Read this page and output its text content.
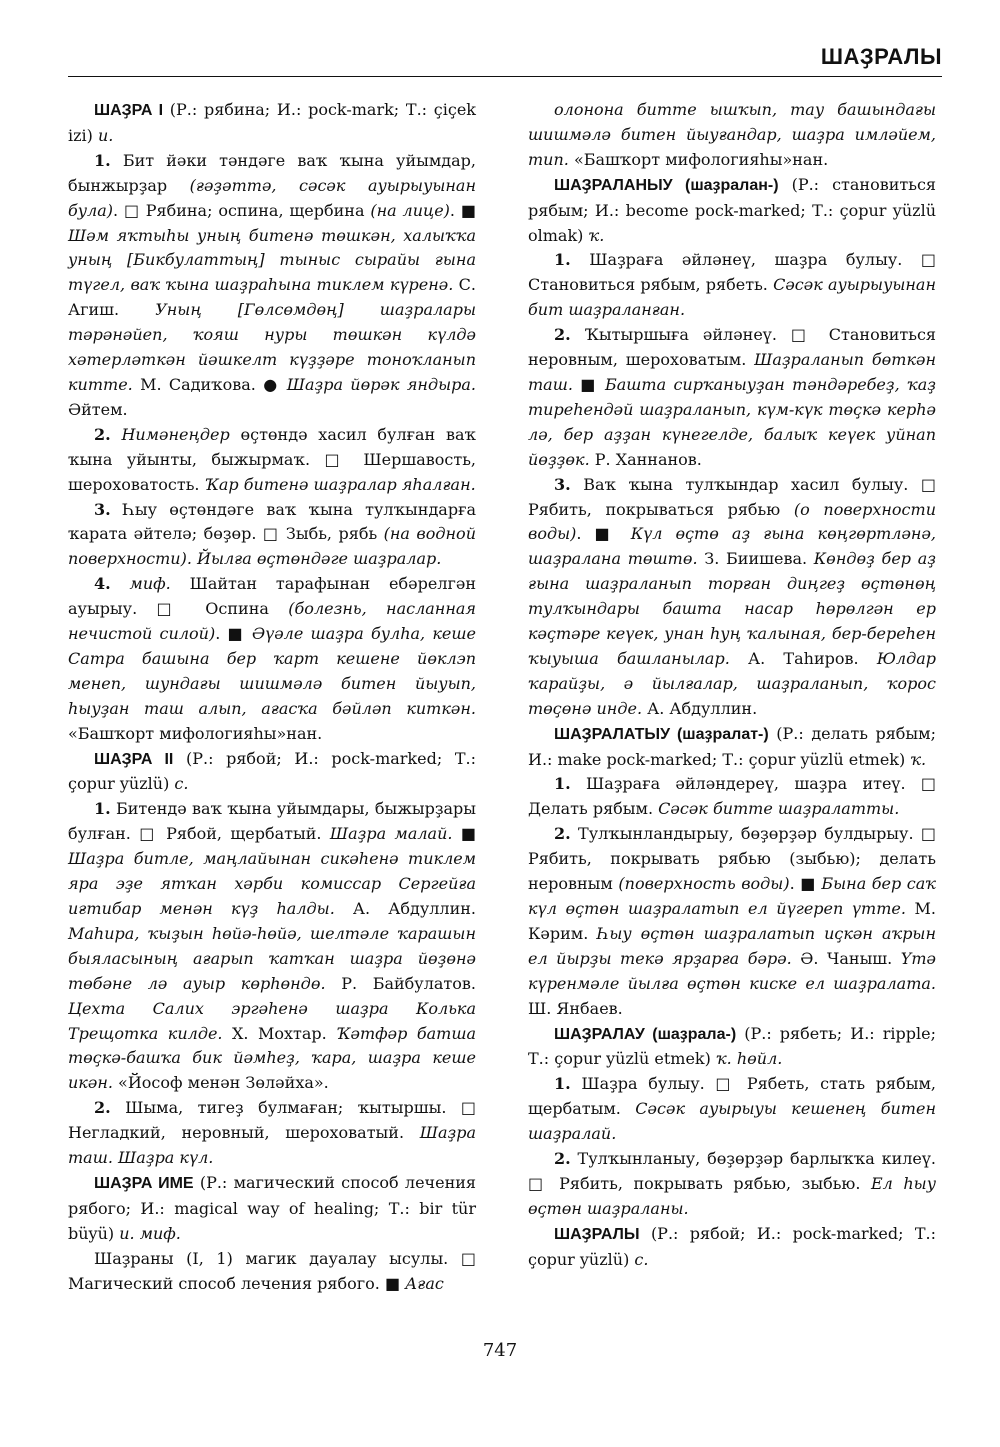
ШАҘРАЛЫ

ШАҘРА I (Р.: рябина; И.: pock-mark; Т.: çiçek izi) и.

1. Бит йәки тәндәге ваҡ ҡына уйымдар, бынжырҙар (ғәҙәттә, сәсәк ауырыуынан була). □ Рябина; оспина, щербина (на лице). ■ Шәм яҡтыһы уның битенә төшкән, халыҡҡа уның [Бикбулаттың] тыныс сырайы ғына түгел, ваҡ ҡына шаҙраһына тиклем күренә. С. Агиш. Уның [Гөлсөмдөң] шаҙралары тәрәнәйеп, ҡояш нуры төшкән күлдә хәтерләткән йәшкелт күҙҙәре тоноҡланып китте. М. Садиҡова. ● Шаҙра йөрәк яндыра. Әйтем.

2. Нимәнеңдер өҫтөндә хасил булған ваҡ ҡына уйынты, быжырмаҡ. □ Шершавость, шероховатость. Ҡар битенә шаҙралар яһалған.

3. Һыу өҫтөндәге ваҡ ҡына тулҡындарға ҡарата әйтелә; бөҙөр. □ Зыбь, рябь (на водной поверхности). Йылға өҫтөндәге шаҙралар.

4. миф. Шайтан тарафынан ебәрелгән ауырыу. □ Оспина (болезнь, насланная нечистой силой). ■ Әүәле шаҙра булһа, кеше Сатра башына бер ҡарт кешене йөклэп менеп, шундағы шишмәлә битен йыуып, һыуҙан таш алып, ағасҡа бәйләп киткән. «Башҡорт мифологияһы»нан.

ШАҘРА II (Р.: рябой; И.: pock-marked; Т.: çopur yüzlü) с.

1. Битендә ваҡ ҡына уйымдары, быжырҙары булған. □ Рябой, щербатый. Шаҙра малай. ■ Шаҙра битле, маңлайынан сикәһенә тиклем яра эҙе ятҡан хәрби комиссар Сергейға иғтибар менән күҙ һалды. А. Абдуллин. Маһира, ҡыҙын һөйә-һөйә, шелтәле ҡарашын быяласының ағарып ҡатҡан шаҙра йөҙөнә төбәне лә ауыр көрһөндө. Р. Байбулатов. Цехта Салих эргәһенә шаҙра Колька Трещотка килде. Х. Мохтар. Ҡәтфәр батша төҫкә-башҡа бик йәмһеҙ, ҡара, шаҙра кеше икән. «Йософ менән Зөләйха».

2. Шыма, тигеҙ булмаған; ҡытыршы. □ Негладкий, неровный, шероховатый. Шаҙра таш. Шаҙра күл.

ШАҘРА ИМЕ (Р.: магический способ лечения рябого; И.: magical way of healing; Т.: bir tür büyü) и. миф.

Шаҙраны (I, 1) магик дауалау ысулы. □ Магический способ лечения рябого. ■ Ағас

олонона битте ышҡып, тау башындағы шишмәлә битен йыуғандар, шаҙра имләйем, тип. «Башҡорт мифологияһы»нан.

ШАҘРАЛАНЫУ (шаҙралан-) (Р.: становиться рябым; И.: become pock-marked; Т.: çopur yüzlü olmak) ҡ.

1. Шаҙраға әйләнеү, шаҙра булыу. □ Становиться рябым, рябеть. Сәсәк ауырыуынан бит шаҙраланған.

2. Ҡытыршыға әйләнеү. □ Становиться неровным, шероховатым. Шаҙраланып бөткән таш. ■ Башта сирҡаныуҙан тәндәребеҙ, ҡаҙ тиреһендәй шаҙраланып, күм-күк төҫкә керһә лә, бер аҙҙан күнегелде, балыҡ кеүек уйнап йөҙҙөк. Р. Ханнанов.

3. Ваҡ ҡына тулҡындар хасил булыу. □ Рябить, покрываться рябью (о поверхности воды). ■ Күл өҫтө аҙ ғына көңгөртләнә, шаҙралана төштө. З. Биишева. Көндөҙ бер аҙ ғына шаҙраланып торған диңгеҙ өҫтөнөң тулҡындары башта насар һөрөлгән ер кәҫтәре кеүек, унан һуң ҡалыная, бер-береһен ҡыуыша башланылар. А. Таһиров. Юлдар ҡарайҙы, ә йылғалар, шаҙраланып, ҡорос төҫөнә инде. А. Абдуллин.

ШАҘРАЛАТЫУ (шаҙралат-) (Р.: делать рябым; И.: make pock-marked; Т.: çopur yüzlü etmek) ҡ.

1. Шаҙраға әйләндереү, шаҙра итеү. □ Делать рябым. Сәсәк битте шаҙралатты.

2. Тулҡынландырыу, бөҙөрҙәр булдырыу. □ Рябить, покрывать рябью (зыбью); делать неровным (поверхность воды). ■ Бына бер саҡ күл өҫтөн шаҙралатып ел йүгереп үтте. М. Кәрим. Һыу өҫтөн шаҙралатып иҫкән аҡрын ел йырҙы текә ярҙарға бәрә. Ә. Чаныш. Үтә күренмәле йылға өҫтөн киске ел шаҙралата. Ш. Янбаев.

ШАҘРАЛАУ (шаҙрала-) (Р.: рябеть; И.: ripple; Т.: çopur yüzlü etmek) ҡ. һөйл.

1. Шаҙра булыу. □ Рябеть, стать рябым, щербатым. Сәсәк ауырыуы кешенең битен шаҙралай.

2. Тулҡынланыу, бөҙөрҙәр барлыҡҡа килеү. □ Рябить, покрывать рябью, зыбью. Ел һыу өҫтөн шаҙраланы.

ШАҘРАЛЫ (Р.: рябой; И.: pock-marked; Т.: çopur yüzlü) с.

747
